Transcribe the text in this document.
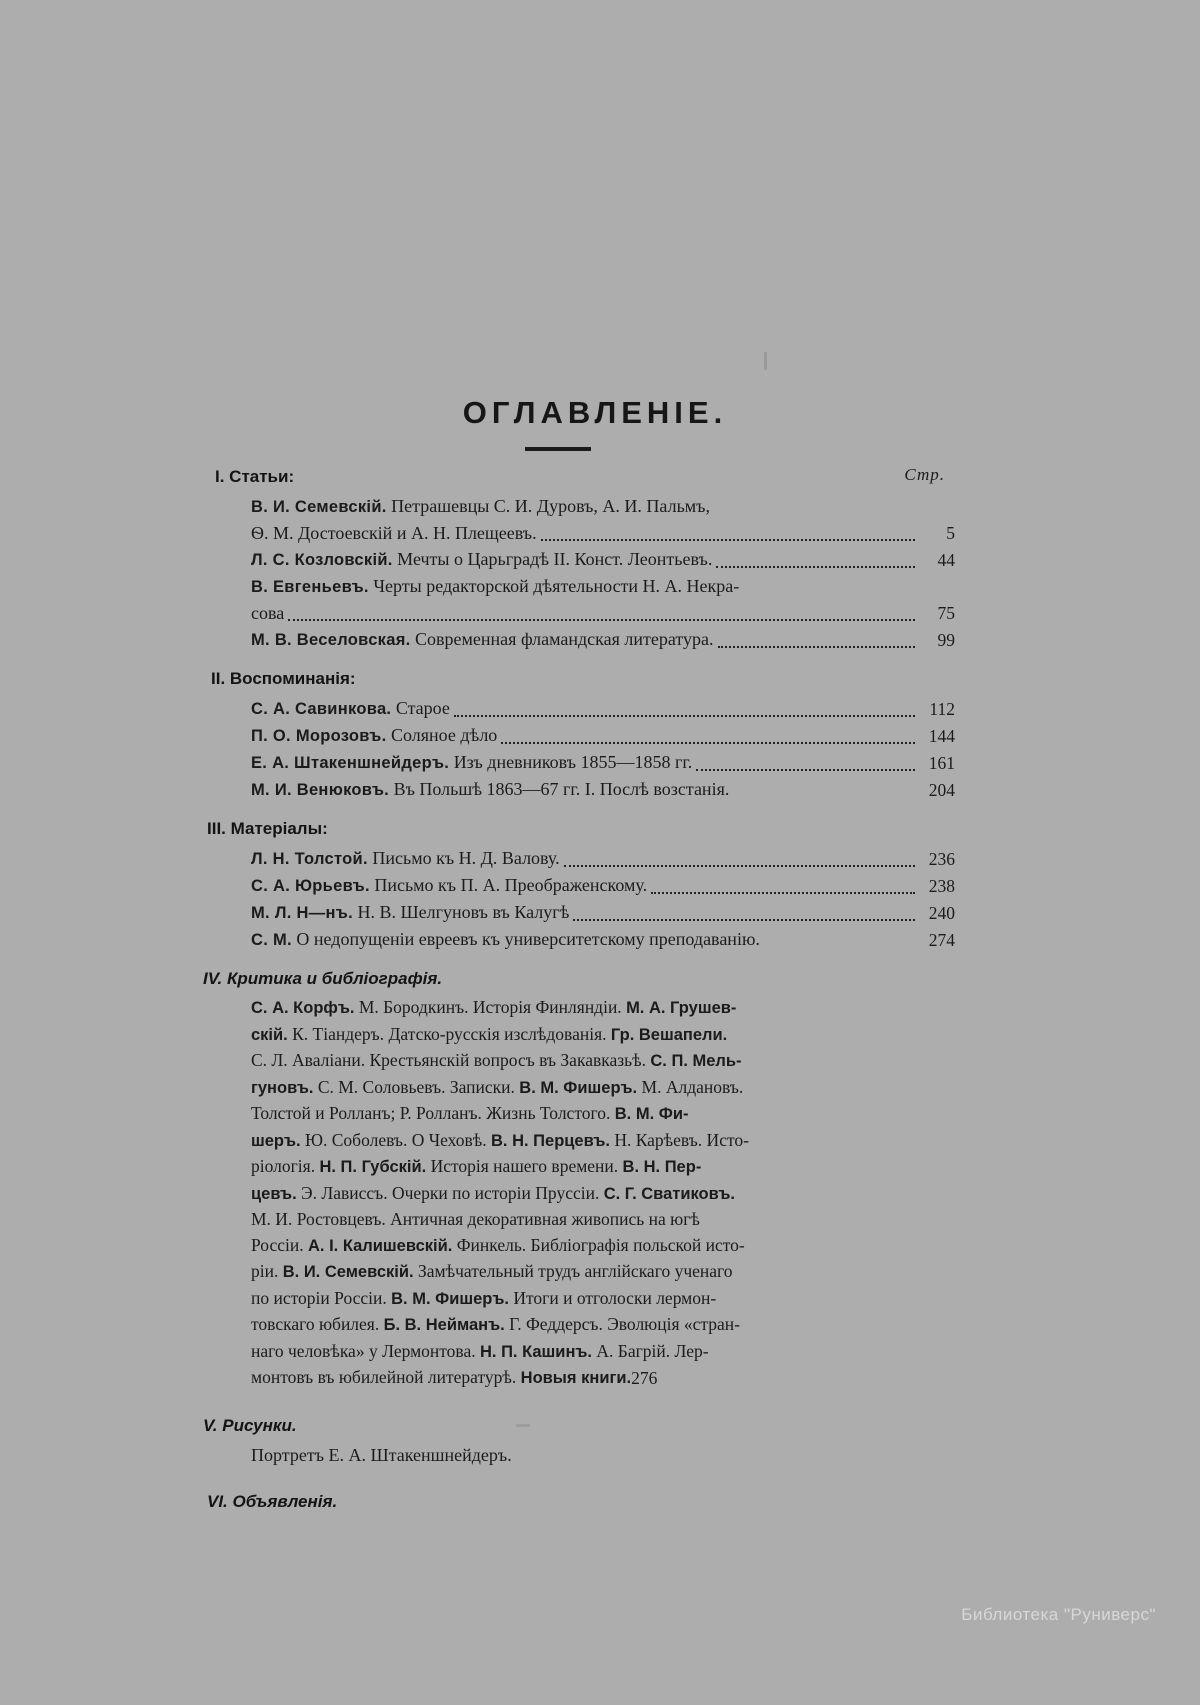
ОГЛАВЛЕНIЕ.
I. Статьи:	Стр.
В. И. Семевскiй. Петрашевцы С. И. Дуровъ, А. И. Пальмъ,
Ѳ. М. Достоевскiй и А. Н. Плещеевъ.	5
Л. С. Козловскiй. Мечты о Царьградѣ II. Конст. Леонтьевъ.	44
В. Евгеньевъ. Черты редакторской дѣятельности Н. А. Некра-
сова	75
М. В. Веселовская. Современная фламандская литература.	99
II. Воспоминанiя:
С. А. Савинкова. Старое	112
П. О. Морозовъ. Соляное дѣло	144
Е. А. Штакеншнейдеръ. Изъ дневниковъ 1855—1858 гг.	161
М. И. Венюковъ. Въ Польшѣ 1863—67 гг. I. Послѣ возстанiя.	204
III. Матерiалы:
Л. Н. Толстой. Письмо къ Н. Д. Валову.	236
С. А. Юрьевъ. Письмо къ П. А. Преображенскому.	238
М. Л. Н—нъ. Н. В. Шелгуновъ въ Калугѣ	240
С. М. О недопущенiи евреевъ къ университетскому преподаванiю.	274
IV. Критика и библiографiя.
С. А. Корфъ. М. Бородкинъ. Исторiя Финляндiи. М. А. Грушев-
скiй. К. Тiандеръ. Датско-русскiя изслѣдованiя. Гр. Вешапели.
С. Л. Авалiани. Крестьянскiй вопросъ въ Закавказьѣ. С. П. Мель-
гуновъ. С. М. Соловьевъ. Записки. В. М. Фишеръ. М. Алдановъ.
Толстой и Ролланъ; Р. Ролланъ. Жизнь Толстого. В. М. Фи-
шеръ. Ю. Соболевъ. О Чеховѣ. В. Н. Перцевъ. Н. Карѣевъ. Исто-
рiологiя. Н. П. Губскiй. Исторiя нашего времени. В. Н. Пер-
цевъ. Э. Лависсъ. Очерки по исторiи Пруссiи. С. Г. Сватиковъ.
М. И. Ростовцевъ. Античная декоративная живопись на югѣ
Россiи. А. I. Калишевскiй. Финкель. Библiографiя польской исто-
рiи. В. И. Семевскiй. Замѣчательный трудъ англiйскаго ученаго
по исторiи Россiи. В. М. Фишеръ. Итоги и отголоски лермон-
товскаго юбилея. Б. В. Нейманъ. Г. Феддерсъ. Эволюцiя «стран-
наго человѣка» у Лермонтова. Н. П. Кашинъ. А. Багрiй. Лер-
монтовъ въ юбилейной литературѣ. Новыя книги. 276
V. Рисунки.
Портретъ Е. А. Штакеншнейдеръ.
VI. Объявленiя.
Библиотека "Руниверс"
